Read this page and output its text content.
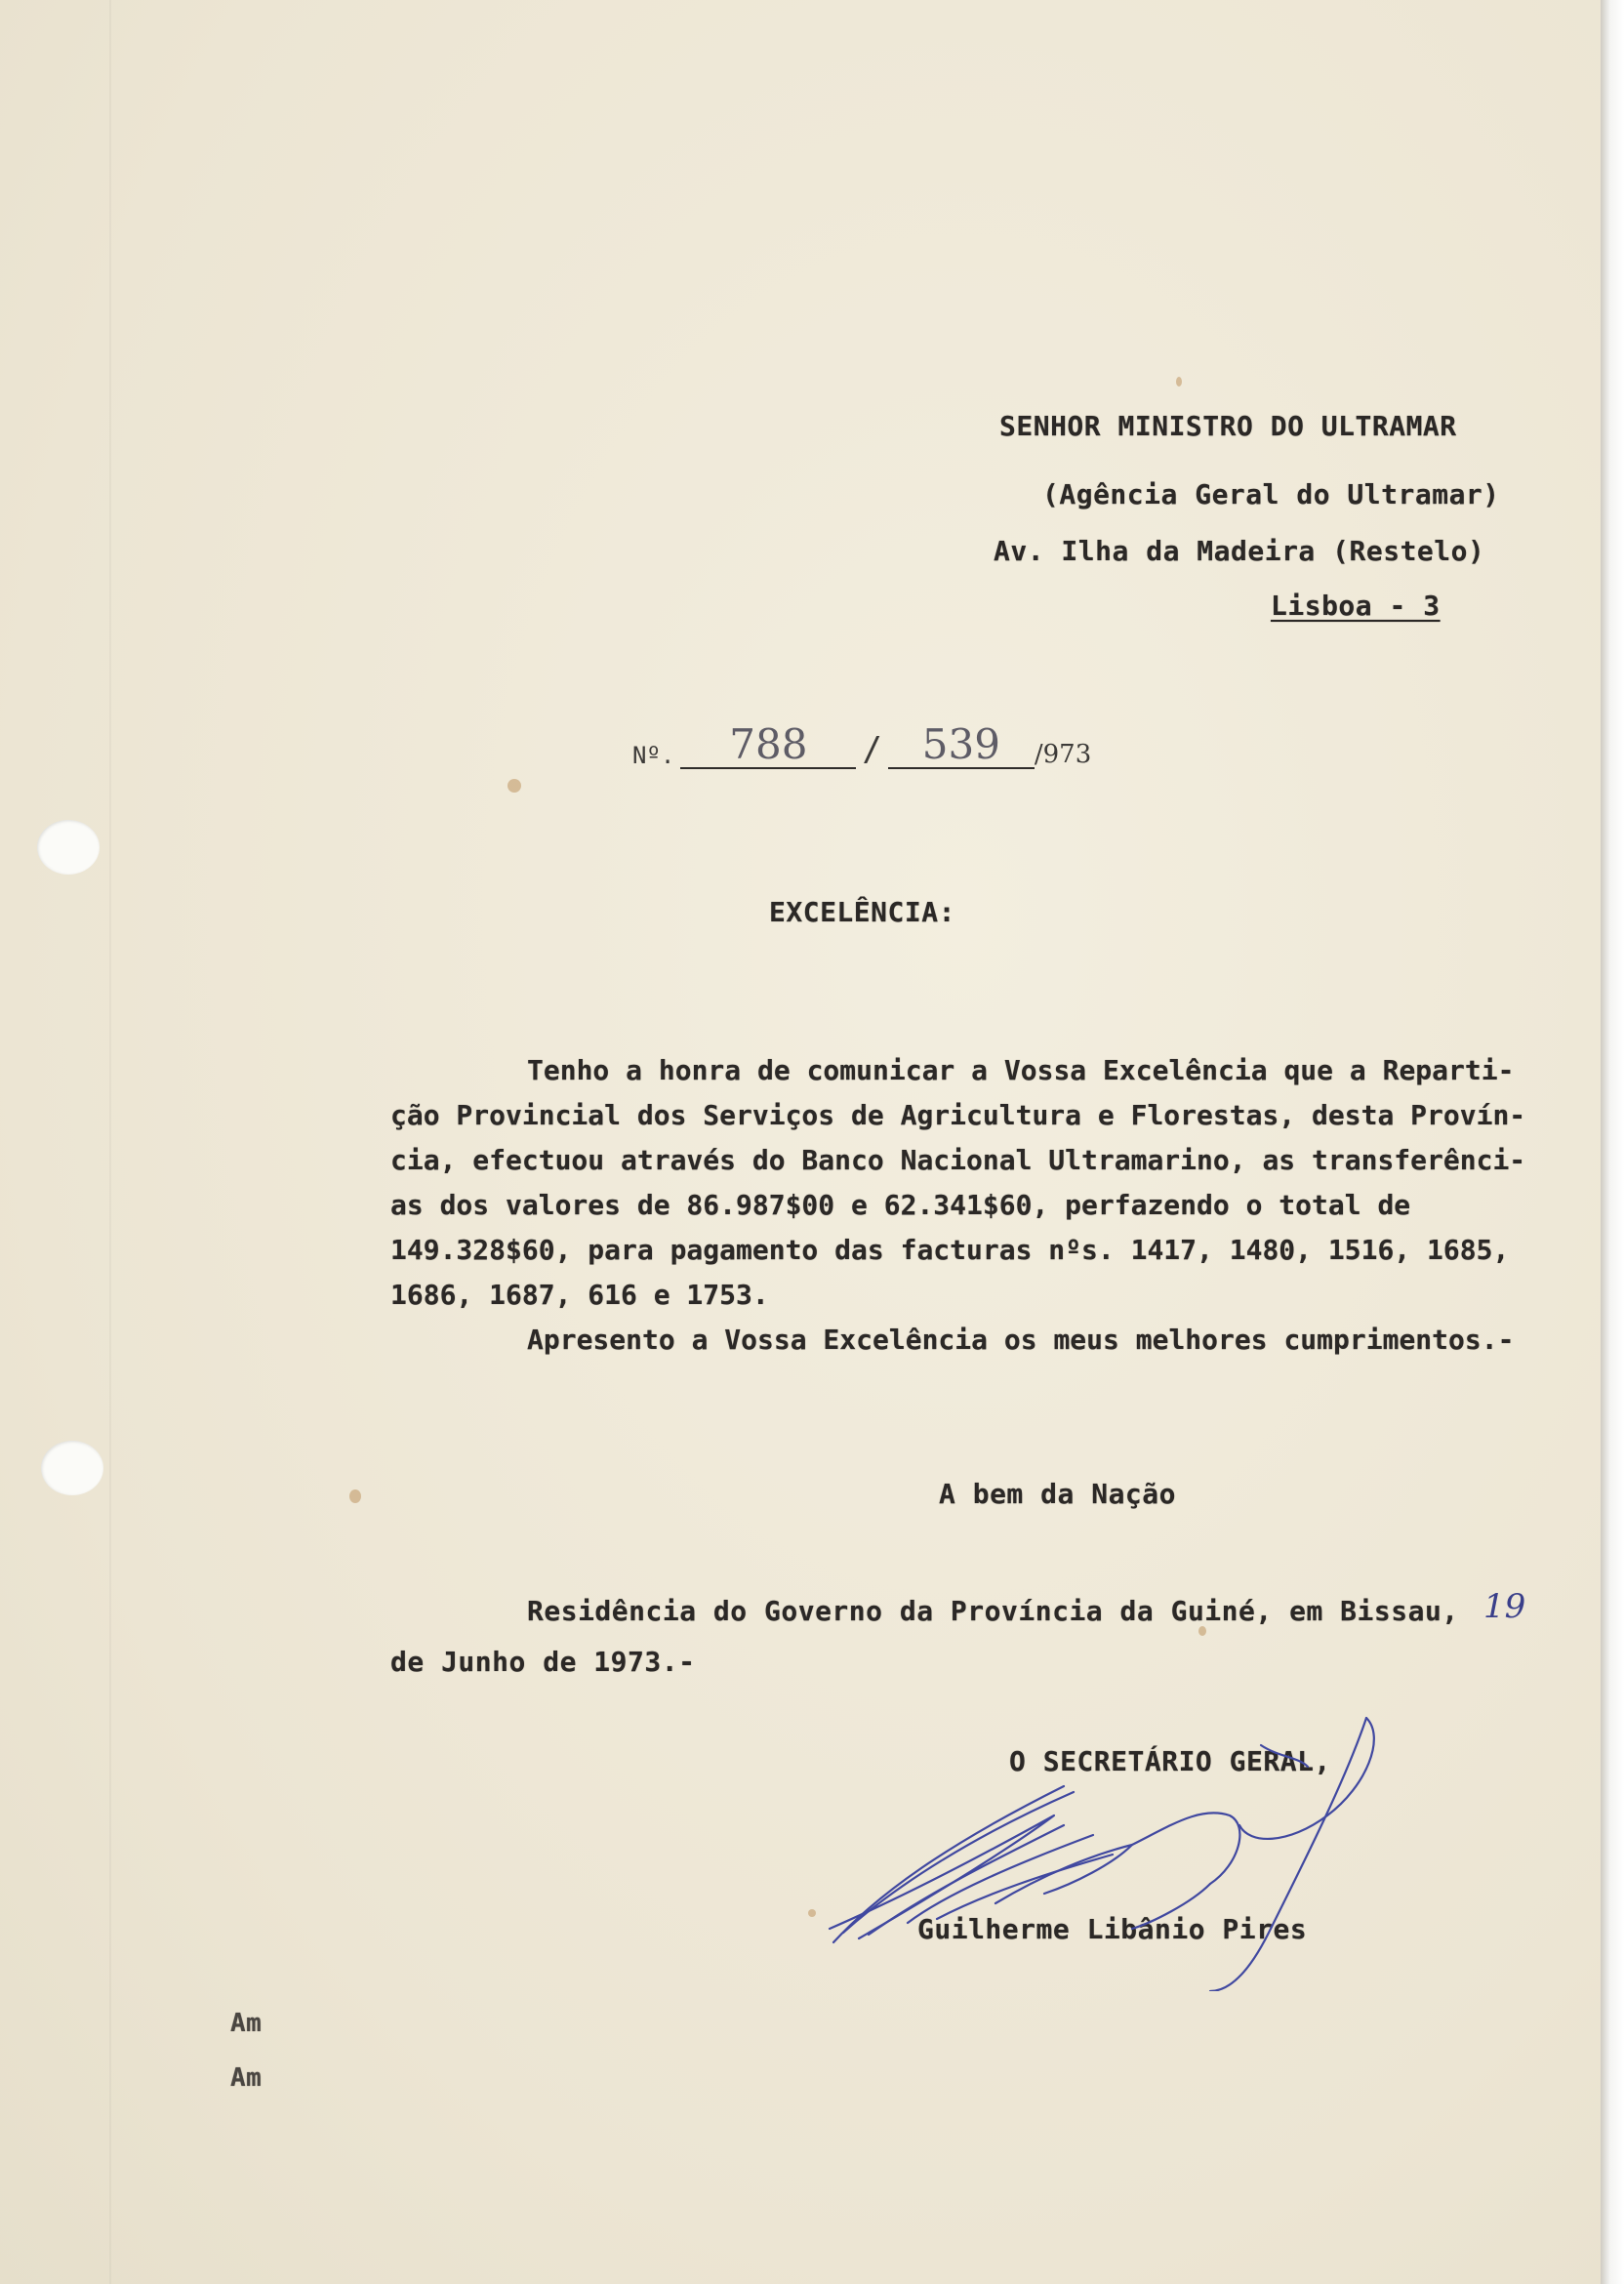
SENHOR MINISTRO DO ULTRAMAR
(Agência Geral do Ultramar)
Av. Ilha da Madeira (Restelo)
Lisboa - 3
Nº.	788	/ 539	/973
EXCELÊNCIA:
Tenho a honra de comunicar a Vossa Excelência que a Reparti-
ção Provincial dos Serviços de Agricultura e Florestas, desta Provín-
cia, efectuou através do Banco Nacional Ultramarino, as transferênci-
as dos valores de 86.987$00 e 62.341$60, perfazendo o total de
149.328$60, para pagamento das facturas nºs. 1417, 1480, 1516, 1685,
1686, 1687, 616 e 1753.
Apresento a Vossa Excelência os meus melhores cumprimentos.-
A bem da Nação
Residência do Governo da Província da Guiné, em Bissau, 19
de Junho de 1973.-
O SECRETÁRIO GERAL,
Guilherme Libânio Pires
Am
Am
